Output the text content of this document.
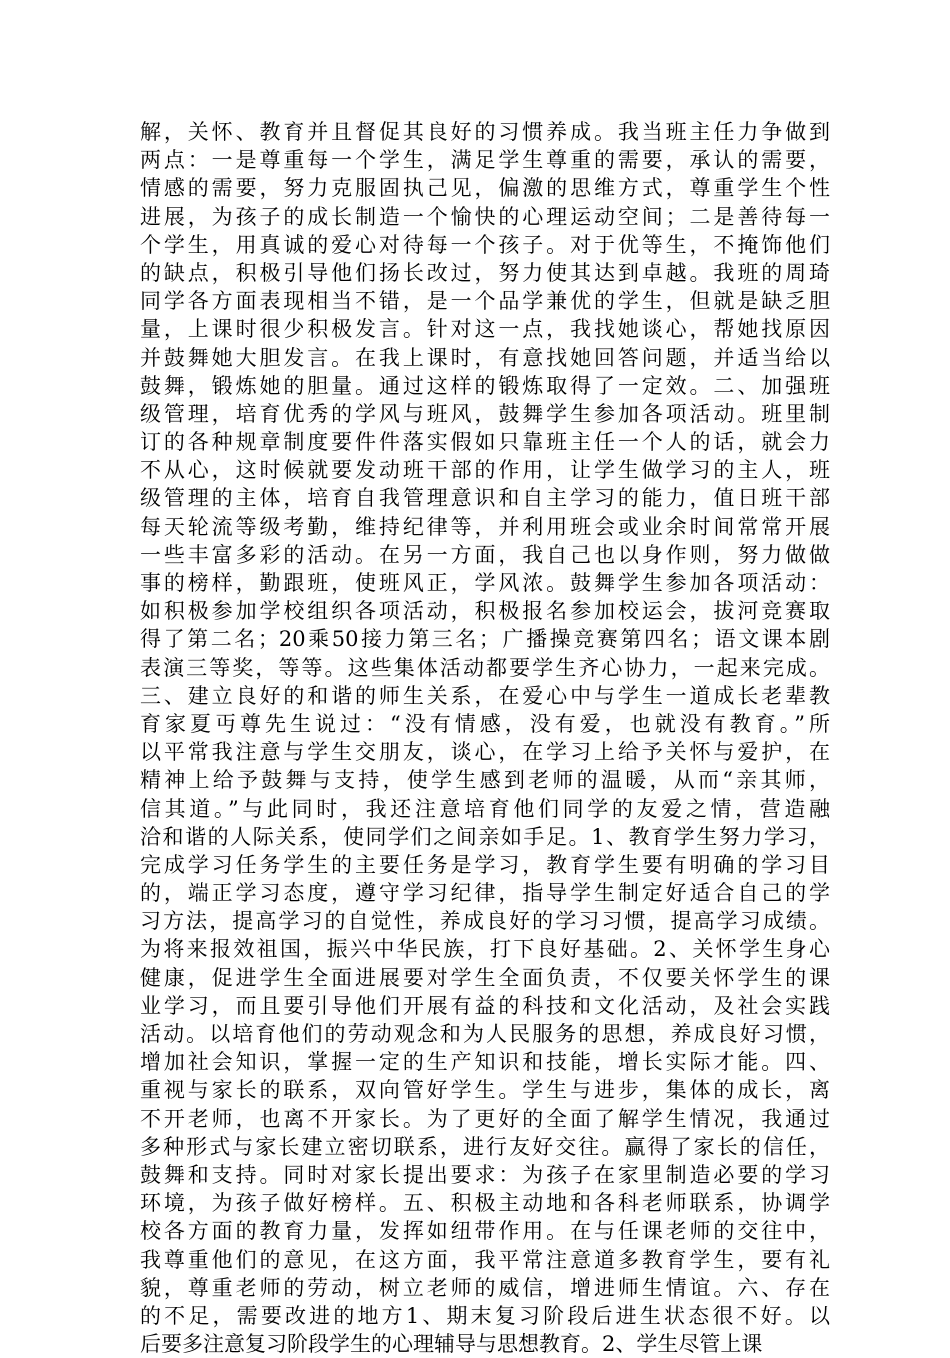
解，关怀、教育并且督促其良好的习惯养成。我当班主任力争做到
两点：一是尊重每一个学生，满足学生尊重的需要，承认的需要，
情感的需要，努力克服固执己见，偏激的思维方式，尊重学生个性
进展，为孩子的成长制造一个愉快的心理运动空间；二是善待每一
个学生，用真诚的爱心对待每一个孩子。对于优等生，不掩饰他们
的缺点，积极引导他们扬长改过，努力使其达到卓越。我班的周琦
同学各方面表现相当不错，是一个品学兼优的学生，但就是缺乏胆
量，上课时很少积极发言。针对这一点，我找她谈心，帮她找原因
并鼓舞她大胆发言。在我上课时，有意找她回答问题，并适当给以
鼓舞，锻炼她的胆量。通过这样的锻炼取得了一定效。二、加强班
级管理，培育优秀的学风与班风，鼓舞学生参加各项活动。班里制
订的各种规章制度要件件落实假如只靠班主任一个人的话，就会力
不从心，这时候就要发动班干部的作用，让学生做学习的主人，班
级管理的主体，培育自我管理意识和自主学习的能力，值日班干部
每天轮流等级考勤，维持纪律等，并利用班会或业余时间常常开展
一些丰富多彩的活动。在另一方面，我自己也以身作则，努力做做
事的榜样，勤跟班，使班风正，学风浓。鼓舞学生参加各项活动：
如积极参加学校组织各项活动，积极报名参加校运会，拔河竞赛取
得了第二名；20乘50接力第三名；广播操竞赛第四名；语文课本剧
表演三等奖，等等。这些集体活动都要学生齐心协力，一起来完成。
三、建立良好的和谐的师生关系，在爱心中与学生一道成长老辈教
育家夏丏尊先生说过：“没有情感，没有爱，也就没有教育。”所
以平常我注意与学生交朋友，谈心，在学习上给予关怀与爱护，在
精神上给予鼓舞与支持，使学生感到老师的温暖，从而“亲其师，
信其道。”与此同时，我还注意培育他们同学的友爱之情，营造融
洽和谐的人际关系，使同学们之间亲如手足。1、教育学生努力学习，
完成学习任务学生的主要任务是学习，教育学生要有明确的学习目
的，端正学习态度，遵守学习纪律，指导学生制定好适合自己的学
习方法，提高学习的自觉性，养成良好的学习习惯，提高学习成绩。
为将来报效祖国，振兴中华民族，打下良好基础。2、关怀学生身心
健康，促进学生全面进展要对学生全面负责，不仅要关怀学生的课
业学习，而且要引导他们开展有益的科技和文化活动，及社会实践
活动。以培育他们的劳动观念和为人民服务的思想，养成良好习惯，
增加社会知识，掌握一定的生产知识和技能，增长实际才能。四、
重视与家长的联系，双向管好学生。学生与进步，集体的成长，离
不开老师，也离不开家长。为了更好的全面了解学生情况，我通过
多种形式与家长建立密切联系，进行友好交往。赢得了家长的信任，
鼓舞和支持。同时对家长提出要求：为孩子在家里制造必要的学习
环境，为孩子做好榜样。五、积极主动地和各科老师联系，协调学
校各方面的教育力量，发挥如纽带作用。在与任课老师的交往中，
我尊重他们的意见，在这方面，我平常注意道多教育学生，要有礼
貌，尊重老师的劳动，树立老师的威信，增进师生情谊。六、存在
的不足，需要改进的地方1、期末复习阶段后进生状态很不好。以
后要多注意复习阶段学生的心理辅导与思想教育。2、学生尽管上课
